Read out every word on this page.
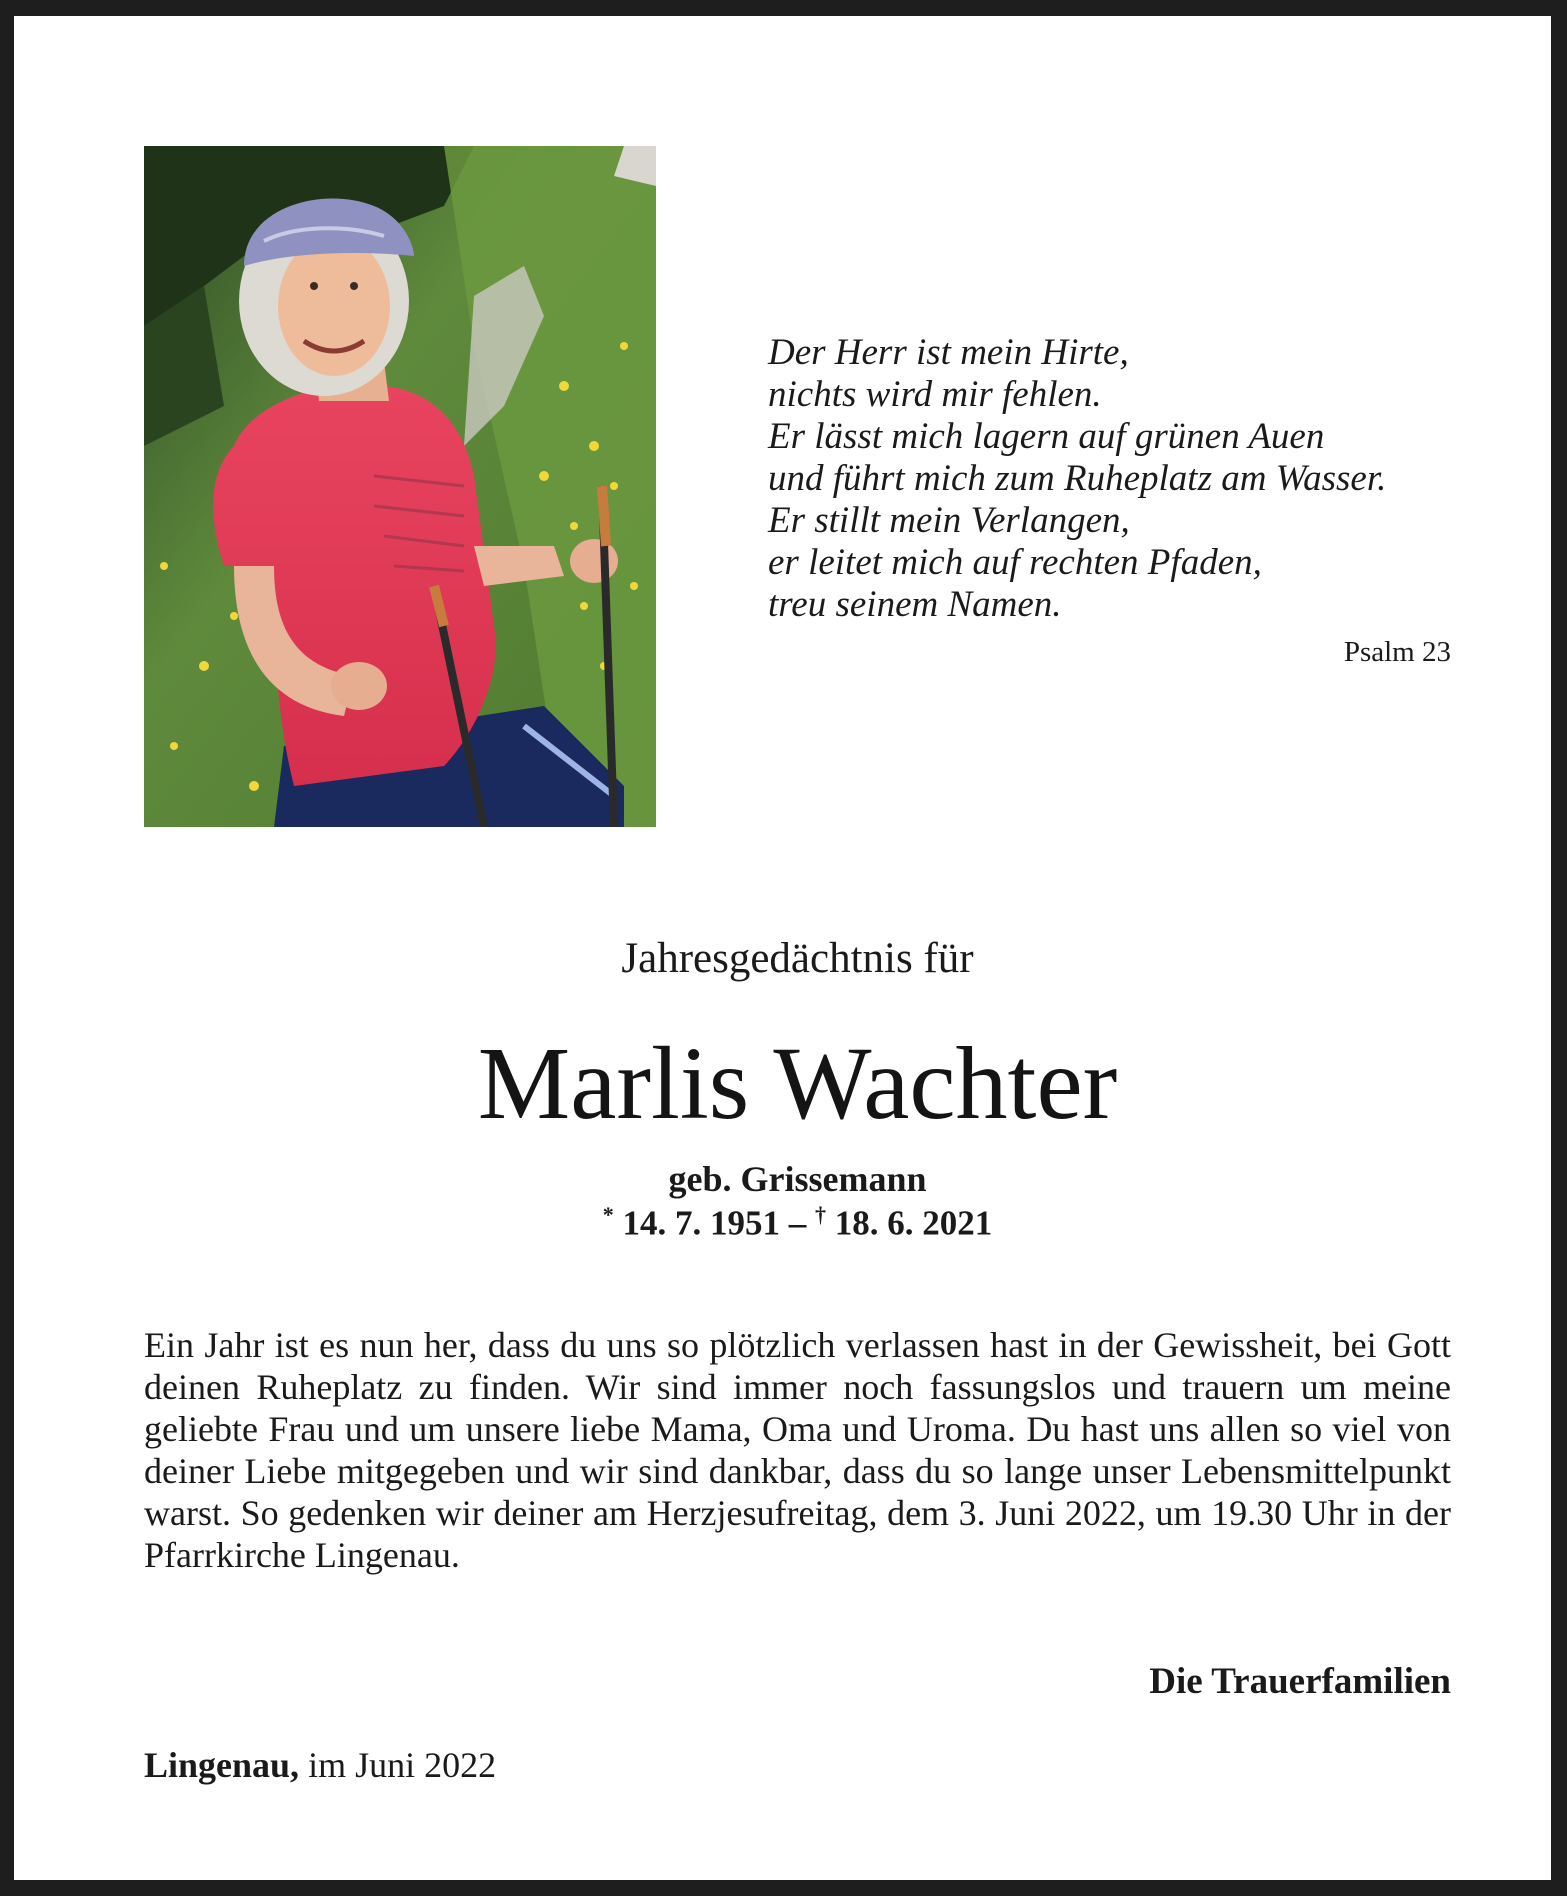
Der Herr ist mein Hirte,
nichts wird mir fehlen.
Er lässt mich lagern auf grünen Auen
und führt mich zum Ruheplatz am Wasser.
Er stillt mein Verlangen,
er leitet mich auf rechten Pfaden,
treu seinem Namen.
Psalm 23
Jahresgedächtnis für
Marlis Wachter
geb. Grissemann
* 14. 7. 1951 – † 18. 6. 2021
Ein Jahr ist es nun her, dass du uns so plötzlich verlassen hast in der Gewissheit, bei Gott deinen Ruheplatz zu finden. Wir sind immer noch fassungslos und trauern um meine geliebte Frau und um unsere liebe Mama, Oma und Uroma. Du hast uns allen so viel von deiner Liebe mitgegeben und wir sind dankbar, dass du so lange unser Lebensmittelpunkt warst. So gedenken wir deiner am Herzjesufreitag, dem 3. Juni 2022, um 19.30 Uhr in der Pfarrkirche Lingenau.
Die Trauerfamilien
Lingenau, im Juni 2022
